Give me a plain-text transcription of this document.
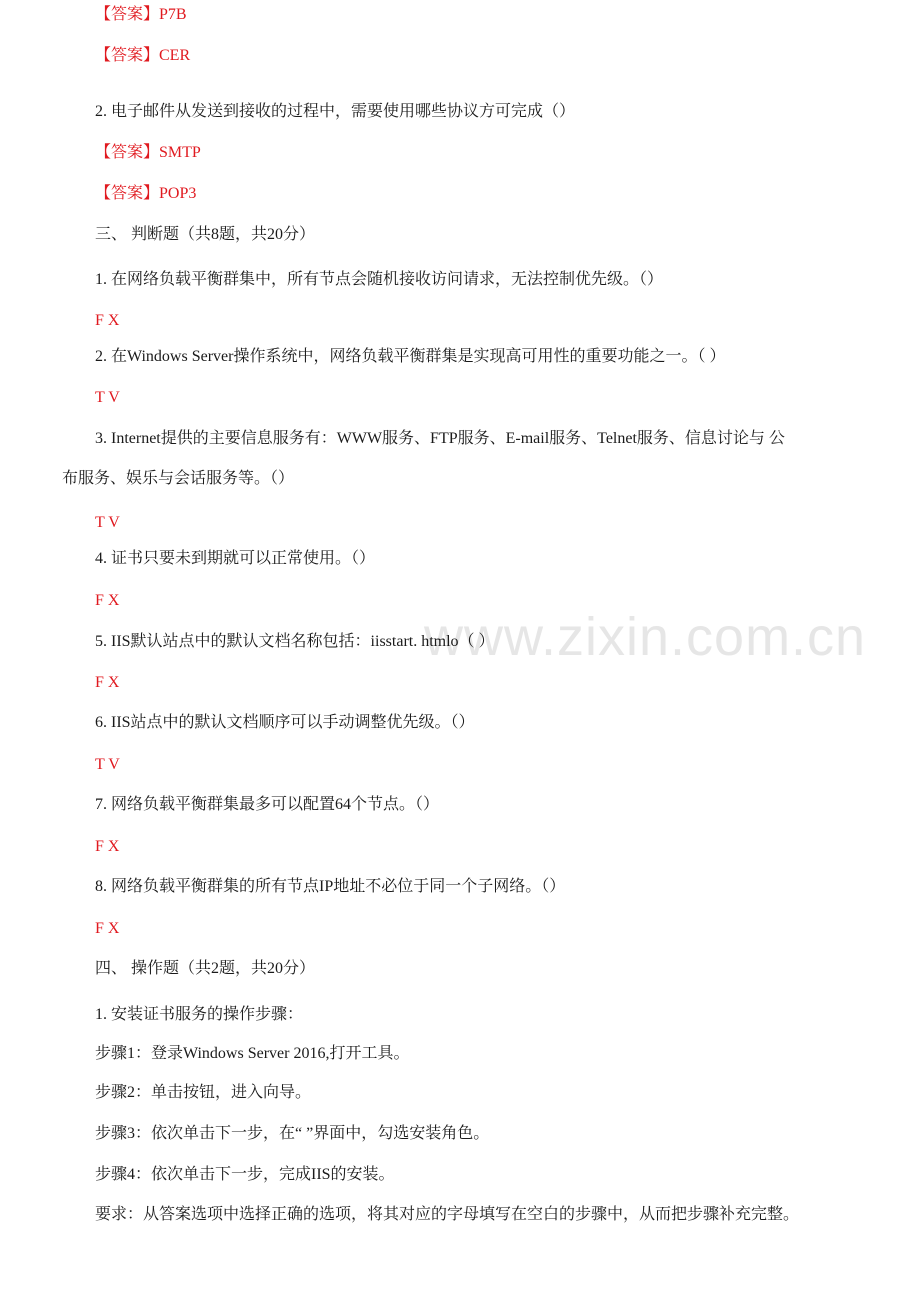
www.zixin.com.cn
【答案】P7B
【答案】CER
2. 电子邮件从发送到接收的过程中，需要使用哪些协议方可完成（）
【答案】SMTP
【答案】POP3
三、 判断题（共8题，共20分）
1. 在网络负载平衡群集中，所有节点会随机接收访问请求，无法控制优先级。（）
F X
2. 在Windows Server操作系统中，网络负载平衡群集是实现高可用性的重要功能之一。（ ）
T V
3. Internet提供的主要信息服务有：WWW服务、FTP服务、E-mail服务、Telnet服务、信息讨论与 公
布服务、娱乐与会话服务等。（）
T V
4. 证书只要未到期就可以正常使用。（）
F X
5. IIS默认站点中的默认文档名称包括：iisstart. htmlo（ ）
F X
6. IIS站点中的默认文档顺序可以手动调整优先级。（）
T V
7. 网络负载平衡群集最多可以配置64个节点。（）
F X
8. 网络负载平衡群集的所有节点IP地址不必位于同一个子网络。（）
F X
四、 操作题（共2题，共20分）
1. 安装证书服务的操作步骤：
步骤1：登录Windows Server 2016,打开工具。
步骤2：单击按钮，进入向导。
步骤3：依次单击下一步，在“ ”界面中，勾选安装角色。
步骤4：依次单击下一步，完成IIS的安装。
要求：从答案选项中选择正确的选项，将其对应的字母填写在空白的步骤中，从而把步骤补充完整。
